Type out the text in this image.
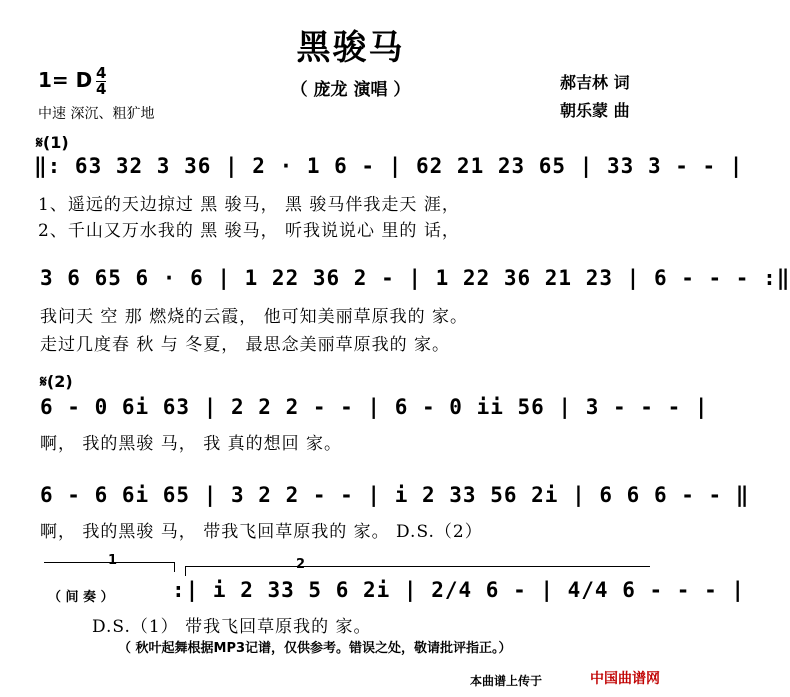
黑骏马
（ 庞龙 演唱 ）
1= D 4
4
中速 深沉、粗犷地
郝吉林 词
朝乐蒙 曲
𝄋(1)
‖: 63 32 3 36 | 2 · 1 6 - | 62 21 23 65 | 33 3 - - |
1、遥远的天边掠过 黑 骏马， 黑 骏马伴我走天 涯，
2、千山又万水我的 黑 骏马， 听我说说心 里的 话，
3 6 65 6 · 6 | 1 22 36 2 - | 1 22 36 21 23 | 6 - - - :‖
我问天 空 那 燃烧的云霞， 他可知美丽草原我的 家。
走过几度春 秋 与 冬夏， 最思念美丽草原我的 家。
𝄋(2)
6 - 0 6i 63 | 2 2 2 - - | 6 - 0 ii 56 | 3 - - - |
啊， 我的黑骏 马， 我 真的想回 家。
6 - 6 6i 65 | 3 2 2 - - | i 2 33 56 2i | 6 6 6 - - ‖
啊， 我的黑骏 马， 带我飞回草原我的 家。 D.S.（2）
1	2
（ 间 奏 ）	:| i 2 33 5 6 2i | 2/4 6 - | 4/4 6 - - - |
D.S.（1） 带我飞回草原我的 家。
（ 秋叶起舞根据MP3记谱，仅供参考。错误之处，敬请批评指正。）
本曲谱上传于	中国曲谱网
